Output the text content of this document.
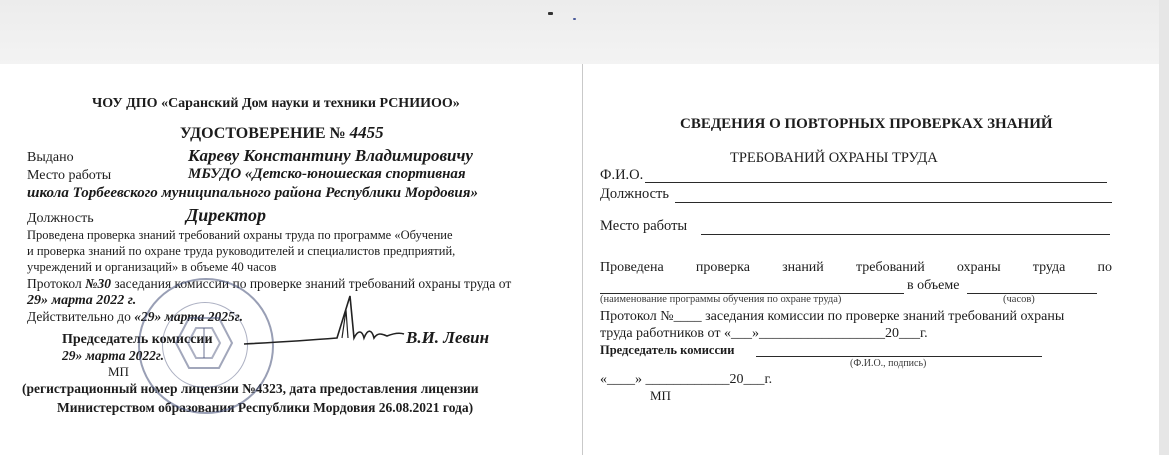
ЧОУ ДПО «Саранский Дом науки и техники РСНИИОО»
УДОСТОВЕРЕНИЕ № 4455
Выдано	Кареву Константину Владимировичу
Место работы	МБУДО «Детско-юношеская спортивная
школа Торбеевского муниципального района Республики Мордовия»
Должность	Директор
Проведена проверка знаний требований охраны труда по программе «Обучение
и проверка знаний по охране труда руководителей и специалистов предприятий,
учреждений и организаций» в объеме 40 часов
Протокол №30 заседания комиссии по проверке знаний требований охраны труда от
29» марта 2022 г.
Действительно до «29» марта 2025г.
Председатель комиссии
29» марта 2022г.
В.И. Левин
МП
(регистрационный номер лицензии №4323, дата предоставления лицензии
Министерством образования Республики Мордовия 26.08.2021 года)
СВЕДЕНИЯ О ПОВТОРНЫХ ПРОВЕРКАХ ЗНАНИЙ
ТРЕБОВАНИЙ ОХРАНЫ ТРУДА
Ф.И.О.
Должность
Место работы
Проведена проверка знаний требований охраны труда по
в объеме
(наименование программы обучения по охране труда)	(часов)
Протокол №____ заседания комиссии по проверке знаний требований охраны
труда работников от «___»__________________20___г.
Председатель комиссии
(Ф.И.О., подпись)
«____» ____________20___г.
МП
